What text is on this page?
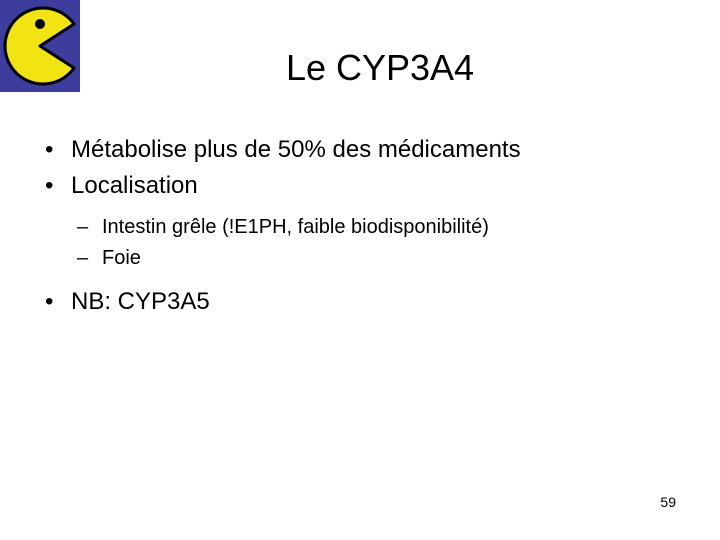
Le CYP3A4
• Métabolise plus de 50% des médicaments
• Localisation
– Intestin grêle (!E1PH, faible biodisponibilité)
– Foie
• NB: CYP3A5
59
